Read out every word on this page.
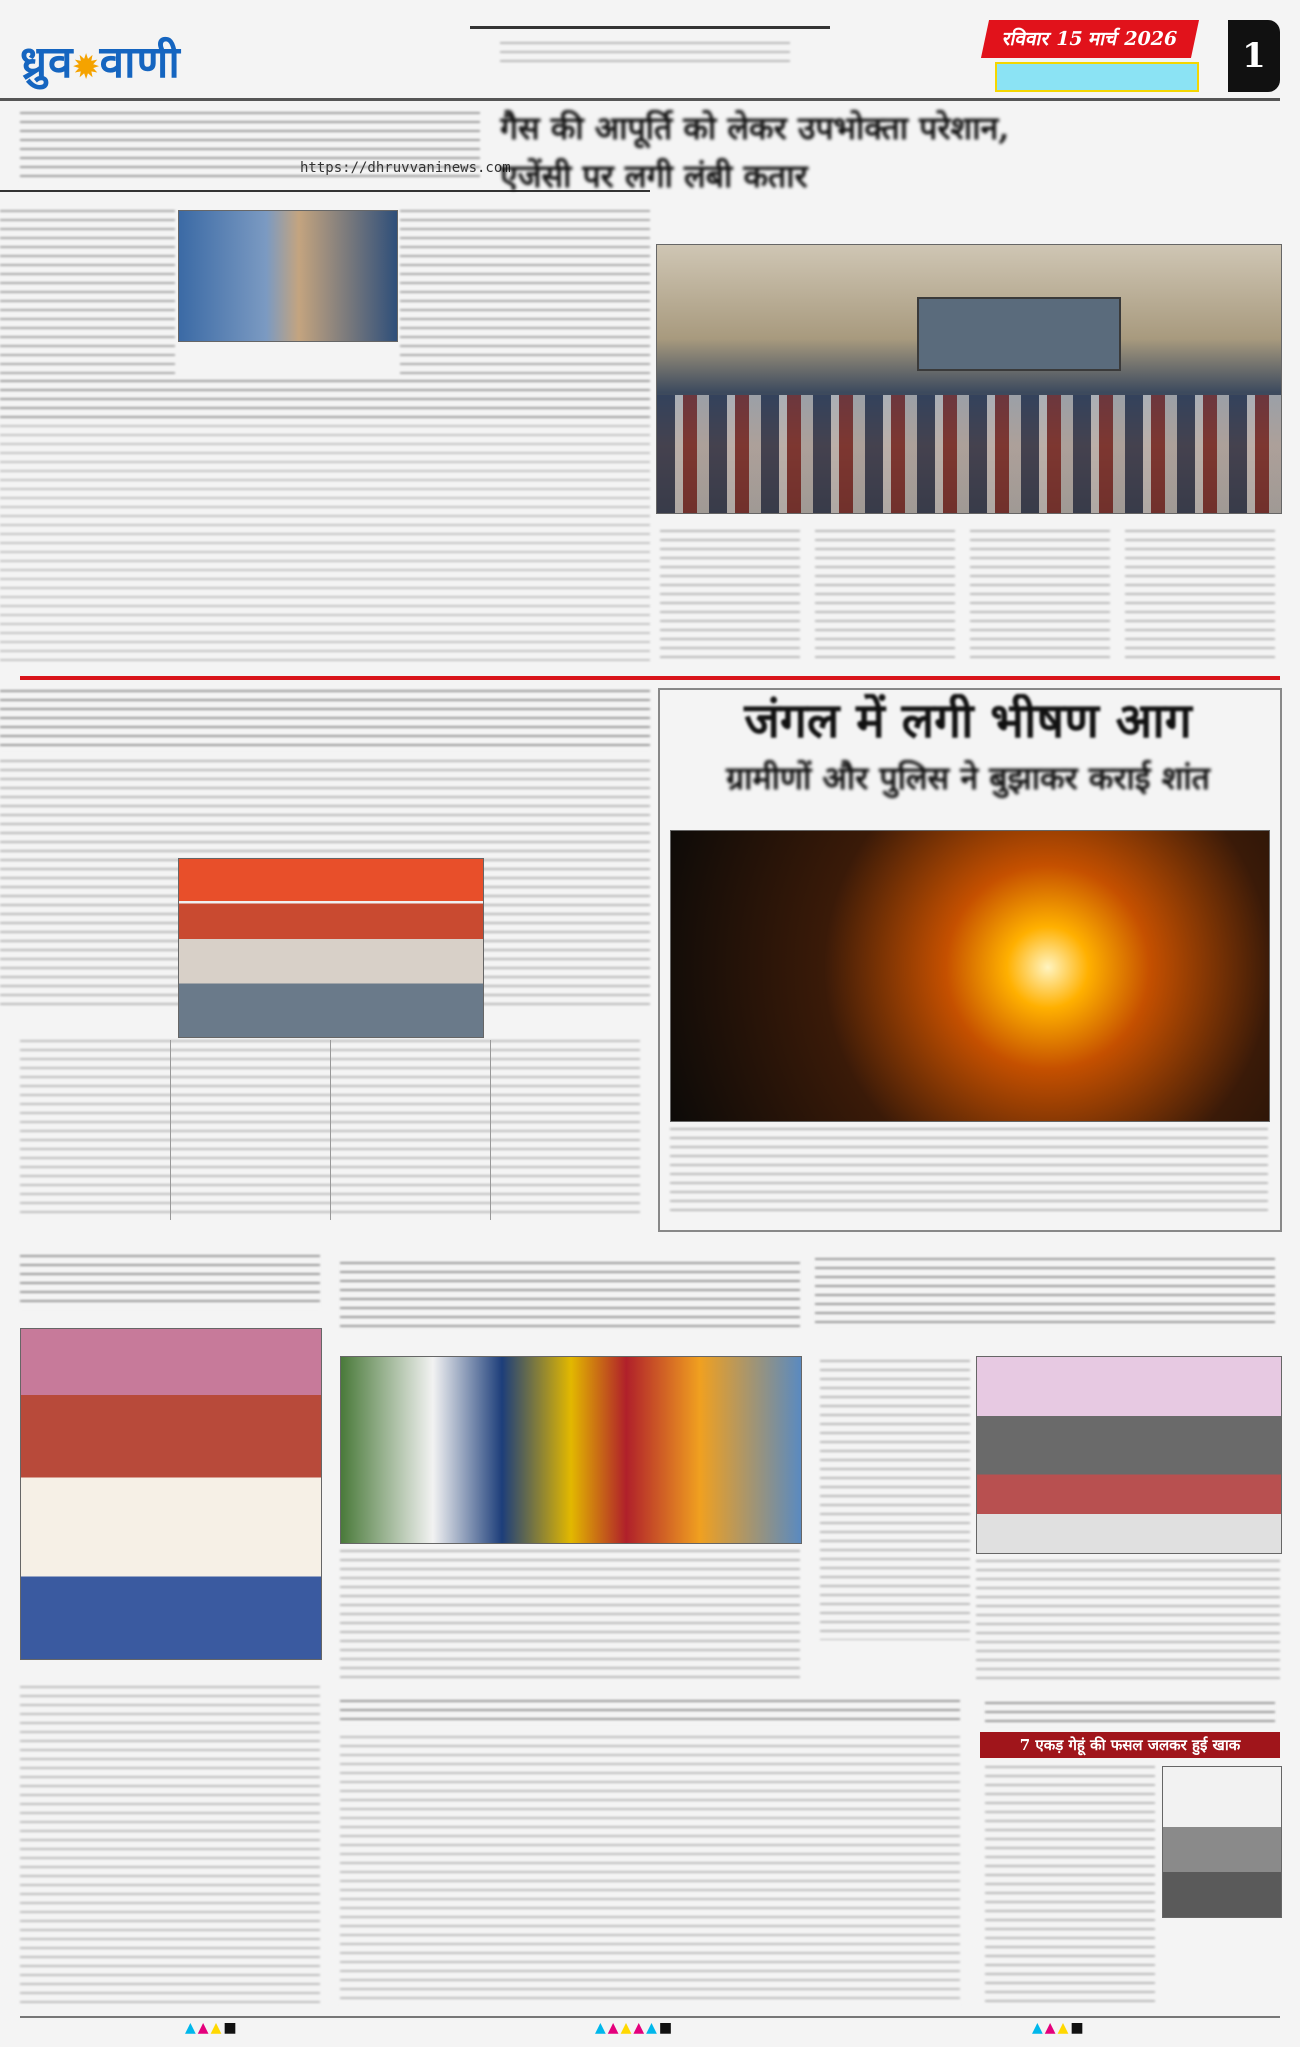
ध्रुव✹वाणी	रविवार 15 मार्च 2026	1
https://dhruvvaninews.com
गैस की आपूर्ति को लेकर उपभोक्ता परेशान,
एजेंसी पर लगी लंबी कतार
जंगल में लगी भीषण आग
ग्रामीणों और पुलिस ने बुझाकर कराई शांत
7 एकड़ गेहूं की फसल जलकर हुई खाक
▲▲▲■	▲▲▲▲▲■	▲▲▲■
